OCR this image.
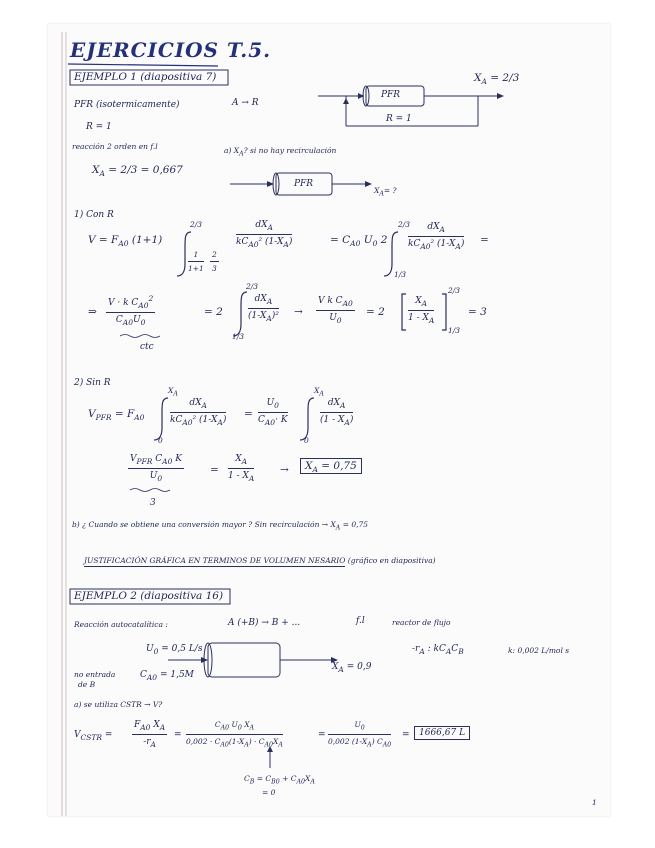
EJERCICIOS T.5.
EJEMPLO 1 (diapositiva 7)	$X_A = 2/3$
PFR
R = 1
PFR (isotermicamente)	A → R
R = 1
reacción 2 orden en f.l
$X_A = 2/3 = 0,667$
a) $X_A$? si no hay recirculación
PFR
$X_A=$ ?
1) Con R
$V = F_{A0}$ (1+1)
2/3
$\frac{1}{1+1} \frac{2}{3}$
$dX_A$
$kC_{A0}^2$ $(1-X_A)$	= $C_{A0}$ $U_0$ 2
2/3
1/3
$dX_A$
$kC_{A0}^2$ $(1-X_A)$ =
⇒ $\frac{V \cdot k C_{A0}^2}{C_{A0}U_0}$	= 2
2/3
1/3
$dX_A$
$(1-X_A)^2 \to \frac{V k C_{A0}}{U_0} = 2$	$\frac{X_A}{1 - X_A}$
2/3
1/3
= 3
ctc
2) Sin R
$V_{PFR} = F_{A0}$
$X_A$
0
$dX_A$
$kC_{A0}^2$ $(1-X_A) = \frac{U_0}{C_{A0}\cdot K}$
$X_A$
0
$dX_A$
$(1 - X_A)$
$V_{PFR}$ $C_{A0}$ K
$U_0$
= $\frac{X_A}{1 - X_A}$ →	$X_A = 0,75$
3
b) ¿ Cuando se obtiene una conversión mayor ? Sin recirculación → $X_A = 0,75$
JUSTIFICACIÓN GRÁFICA EN TERMINOS DE VOLUMEN NESARIO (gráfico en diapositiva)
EJEMPLO 2 (diapositiva 16)
Reacción autocatalítica :	A (+B) → B + ...	f.l	reactor de flujo
$U_0 = 0,5$ L/s	$-r_A$ : $kC_AC_B$	k: 0,002 L/mol s
no entrada
de B
$C_{A0} = 1,5M$
$X_A = 0,9$
a) se utiliza CSTR → V?
$V_{CSTR} = \frac{F_{A0} X_A}{-r_A} = \frac{C_{A0} U_0 X_A}{0,002 \cdot C_{A0}(1-X_A) \cdot C_{A0}X_A}$	= $\frac{U_0}{0,002 (1-X_A) C_{A0}}$ =	1666,67 L
$C_B = C_{B0} + C_{A0}X_A$
= 0
1
